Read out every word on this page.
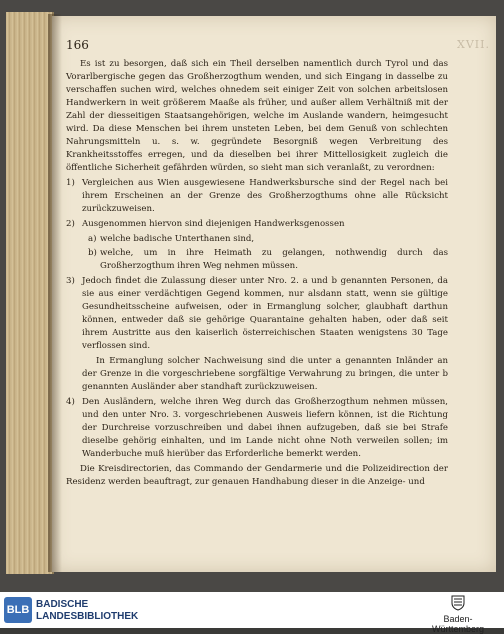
166	XVII.

Es ist zu besorgen, daß sich ein Theil derselben namentlich durch Tyrol und das Vorarlbergische gegen das Großherzogthum wenden, und sich Eingang in dasselbe zu verschaffen suchen wird, welches ohnedem seit einiger Zeit von solchen arbeitslosen Handwerkern in weit größerem Maaße als früher, und außer allem Verhältniß mit der Zahl der diesseitigen Staatsangehörigen, welche im Auslande wandern, heimgesucht wird. Da diese Menschen bei ihrem unsteten Leben, bei dem Genuß von schlechten Nahrungsmitteln u. s. w. gegründete Besorgniß wegen Verbreitung des Krankheitsstoffes erregen, und da dieselben bei ihrer Mittellosigkeit zugleich die öffentliche Sicherheit gefährden würden, so sieht man sich veranlaßt, zu verordnen:

1) Vergleichen aus Wien ausgewiesene Handwerksbursche sind der Regel nach bei ihrem Erscheinen an der Grenze des Großherzogthums ohne alle Rücksicht zurückzuweisen.
2) Ausgenommen hiervon sind diejenigen Handwerksgenossen
a) welche badische Unterthanen sind,
b) welche, um in ihre Heimath zu gelangen, nothwendig durch das Großherzogthum ihren Weg nehmen müssen.
3) Jedoch findet die Zulassung dieser unter Nro. 2. a und b genannten Personen, da sie aus einer verdächtigen Gegend kommen, nur alsdann statt, wenn sie gültige Gesundheitsscheine aufweisen, oder in Ermanglung solcher, glaubhaft darthun können, entweder daß sie gehörige Quarantaine gehalten haben, oder daß seit ihrem Austritte aus den kaiserlich österreichischen Staaten wenigstens 30 Tage verflossen sind.
In Ermanglung solcher Nachweisung sind die unter a genannten Inländer an der Grenze in die vorgeschriebene sorgfältige Verwahrung zu bringen, die unter b genannten Ausländer aber standhaft zurückzuweisen.
4) Den Ausländern, welche ihren Weg durch das Großherzogthum nehmen müssen, und den unter Nro. 3. vorgeschriebenen Ausweis liefern können, ist die Richtung der Durchreise vorzuschreiben und dabei ihnen aufzugeben, daß sie bei Strafe dieselbe gehörig einhalten, und im Lande nicht ohne Noth verweilen sollen; im Wanderbuche muß hierüber das Erforderliche bemerkt werden.

Die Kreisdirectorien, das Commando der Gendarmerie und die Polizeidirection der Residenz werden beauftragt, zur genauen Handhabung dieser in die Anzeige- und

BLB BADISCHE
LANDESBIBLIOTHEK	Baden-Württemberg
